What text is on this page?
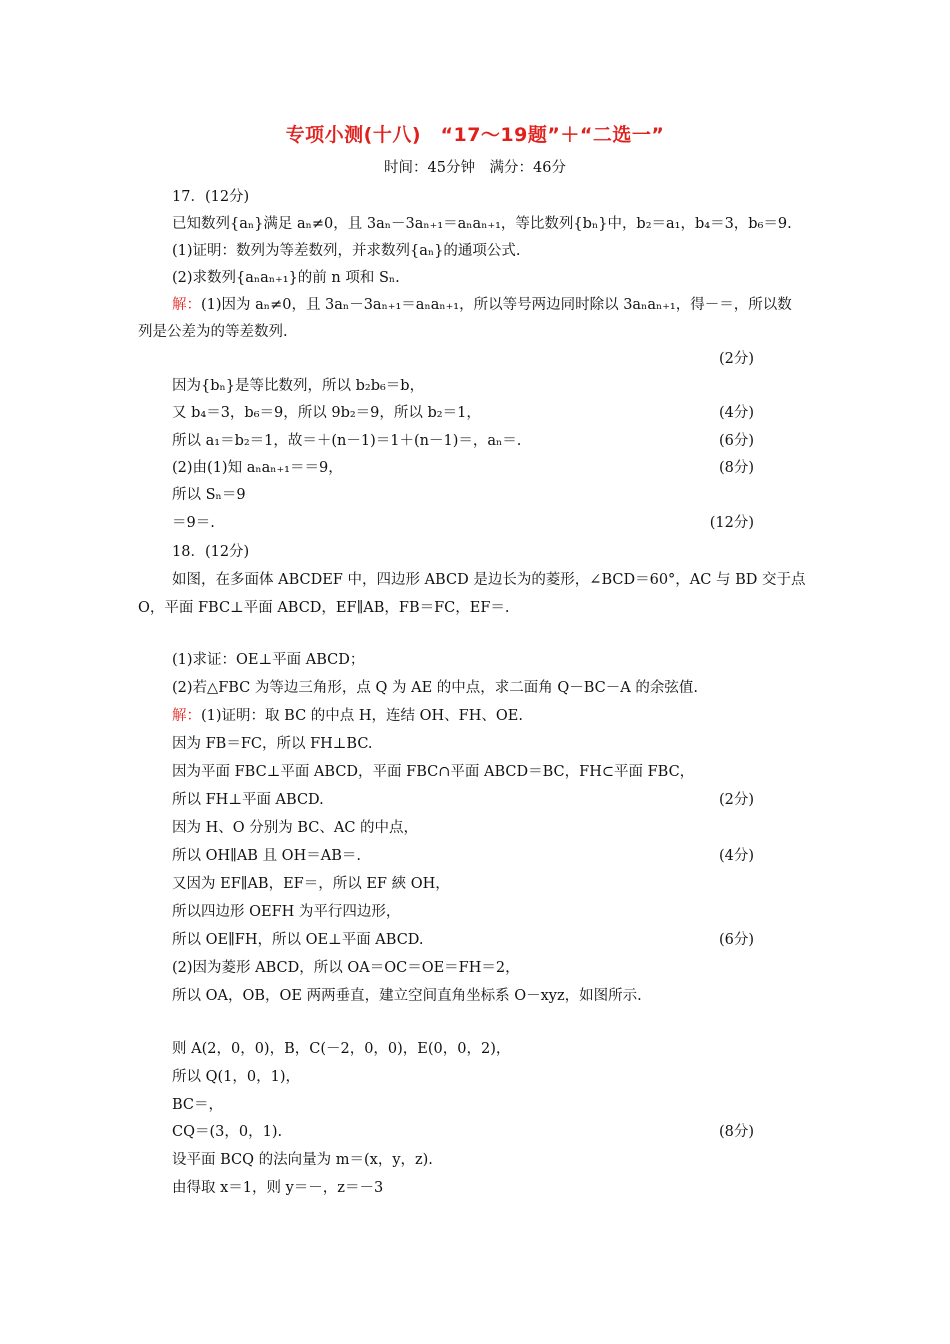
专项小测(十八)　“17～19题”＋“二选一”
时间：45分钟　满分：46分
17．(12分)
已知数列{aₙ}满足 aₙ≠0，且 3aₙ－3aₙ₊₁＝aₙaₙ₊₁，等比数列{bₙ}中，b₂＝a₁，b₄＝3，b₆＝9.
(1)证明：数列为等差数列，并求数列{aₙ}的通项公式.
(2)求数列{aₙaₙ₊₁}的前 n 项和 Sₙ.
解：(1)因为 aₙ≠0，且 3aₙ－3aₙ₊₁＝aₙaₙ₊₁，所以等号两边同时除以 3aₙaₙ₊₁，得－＝，所以数
列是公差为的等差数列.
(2分)
因为{bₙ}是等比数列，所以 b₂b₆＝b，
又 b₄＝3，b₆＝9，所以 9b₂＝9，所以 b₂＝1，	(4分)
所以 a₁＝b₂＝1，故＝＋(n－1)＝1＋(n－1)＝，aₙ＝.	(6分)
(2)由(1)知 aₙaₙ₊₁＝＝9，	(8分)
所以 Sₙ＝9
＝9＝.	(12分)
18．(12分)
如图，在多面体 ABCDEF 中，四边形 ABCD 是边长为的菱形，∠BCD＝60°，AC 与 BD 交于点
O，平面 FBC⊥平面 ABCD，EF∥AB，FB＝FC，EF＝.
(1)求证：OE⊥平面 ABCD；
(2)若△FBC 为等边三角形，点 Q 为 AE 的中点，求二面角 Q－BC－A 的余弦值.
解：(1)证明：取 BC 的中点 H，连结 OH、FH、OE.
因为 FB＝FC，所以 FH⊥BC.
因为平面 FBC⊥平面 ABCD，平面 FBC∩平面 ABCD＝BC，FH⊂平面 FBC，
所以 FH⊥平面 ABCD.	(2分)
因为 H、O 分别为 BC、AC 的中点，
所以 OH∥AB 且 OH＝AB＝.	(4分)
又因为 EF∥AB，EF＝，所以 EF 綊 OH，
所以四边形 OEFH 为平行四边形，
所以 OE∥FH，所以 OE⊥平面 ABCD.	(6分)
(2)因为菱形 ABCD，所以 OA＝OC＝OE＝FH＝2，
所以 OA，OB，OE 两两垂直，建立空间直角坐标系 O－xyz，如图所示.
则 A(2，0，0)，B，C(－2，0，0)，E(0，0，2)，
所以 Q(1，0，1)，
BC＝，
CQ＝(3，0，1).	(8分)
设平面 BCQ 的法向量为 m＝(x，y，z).
由得取 x＝1，则 y＝－，z＝－3
